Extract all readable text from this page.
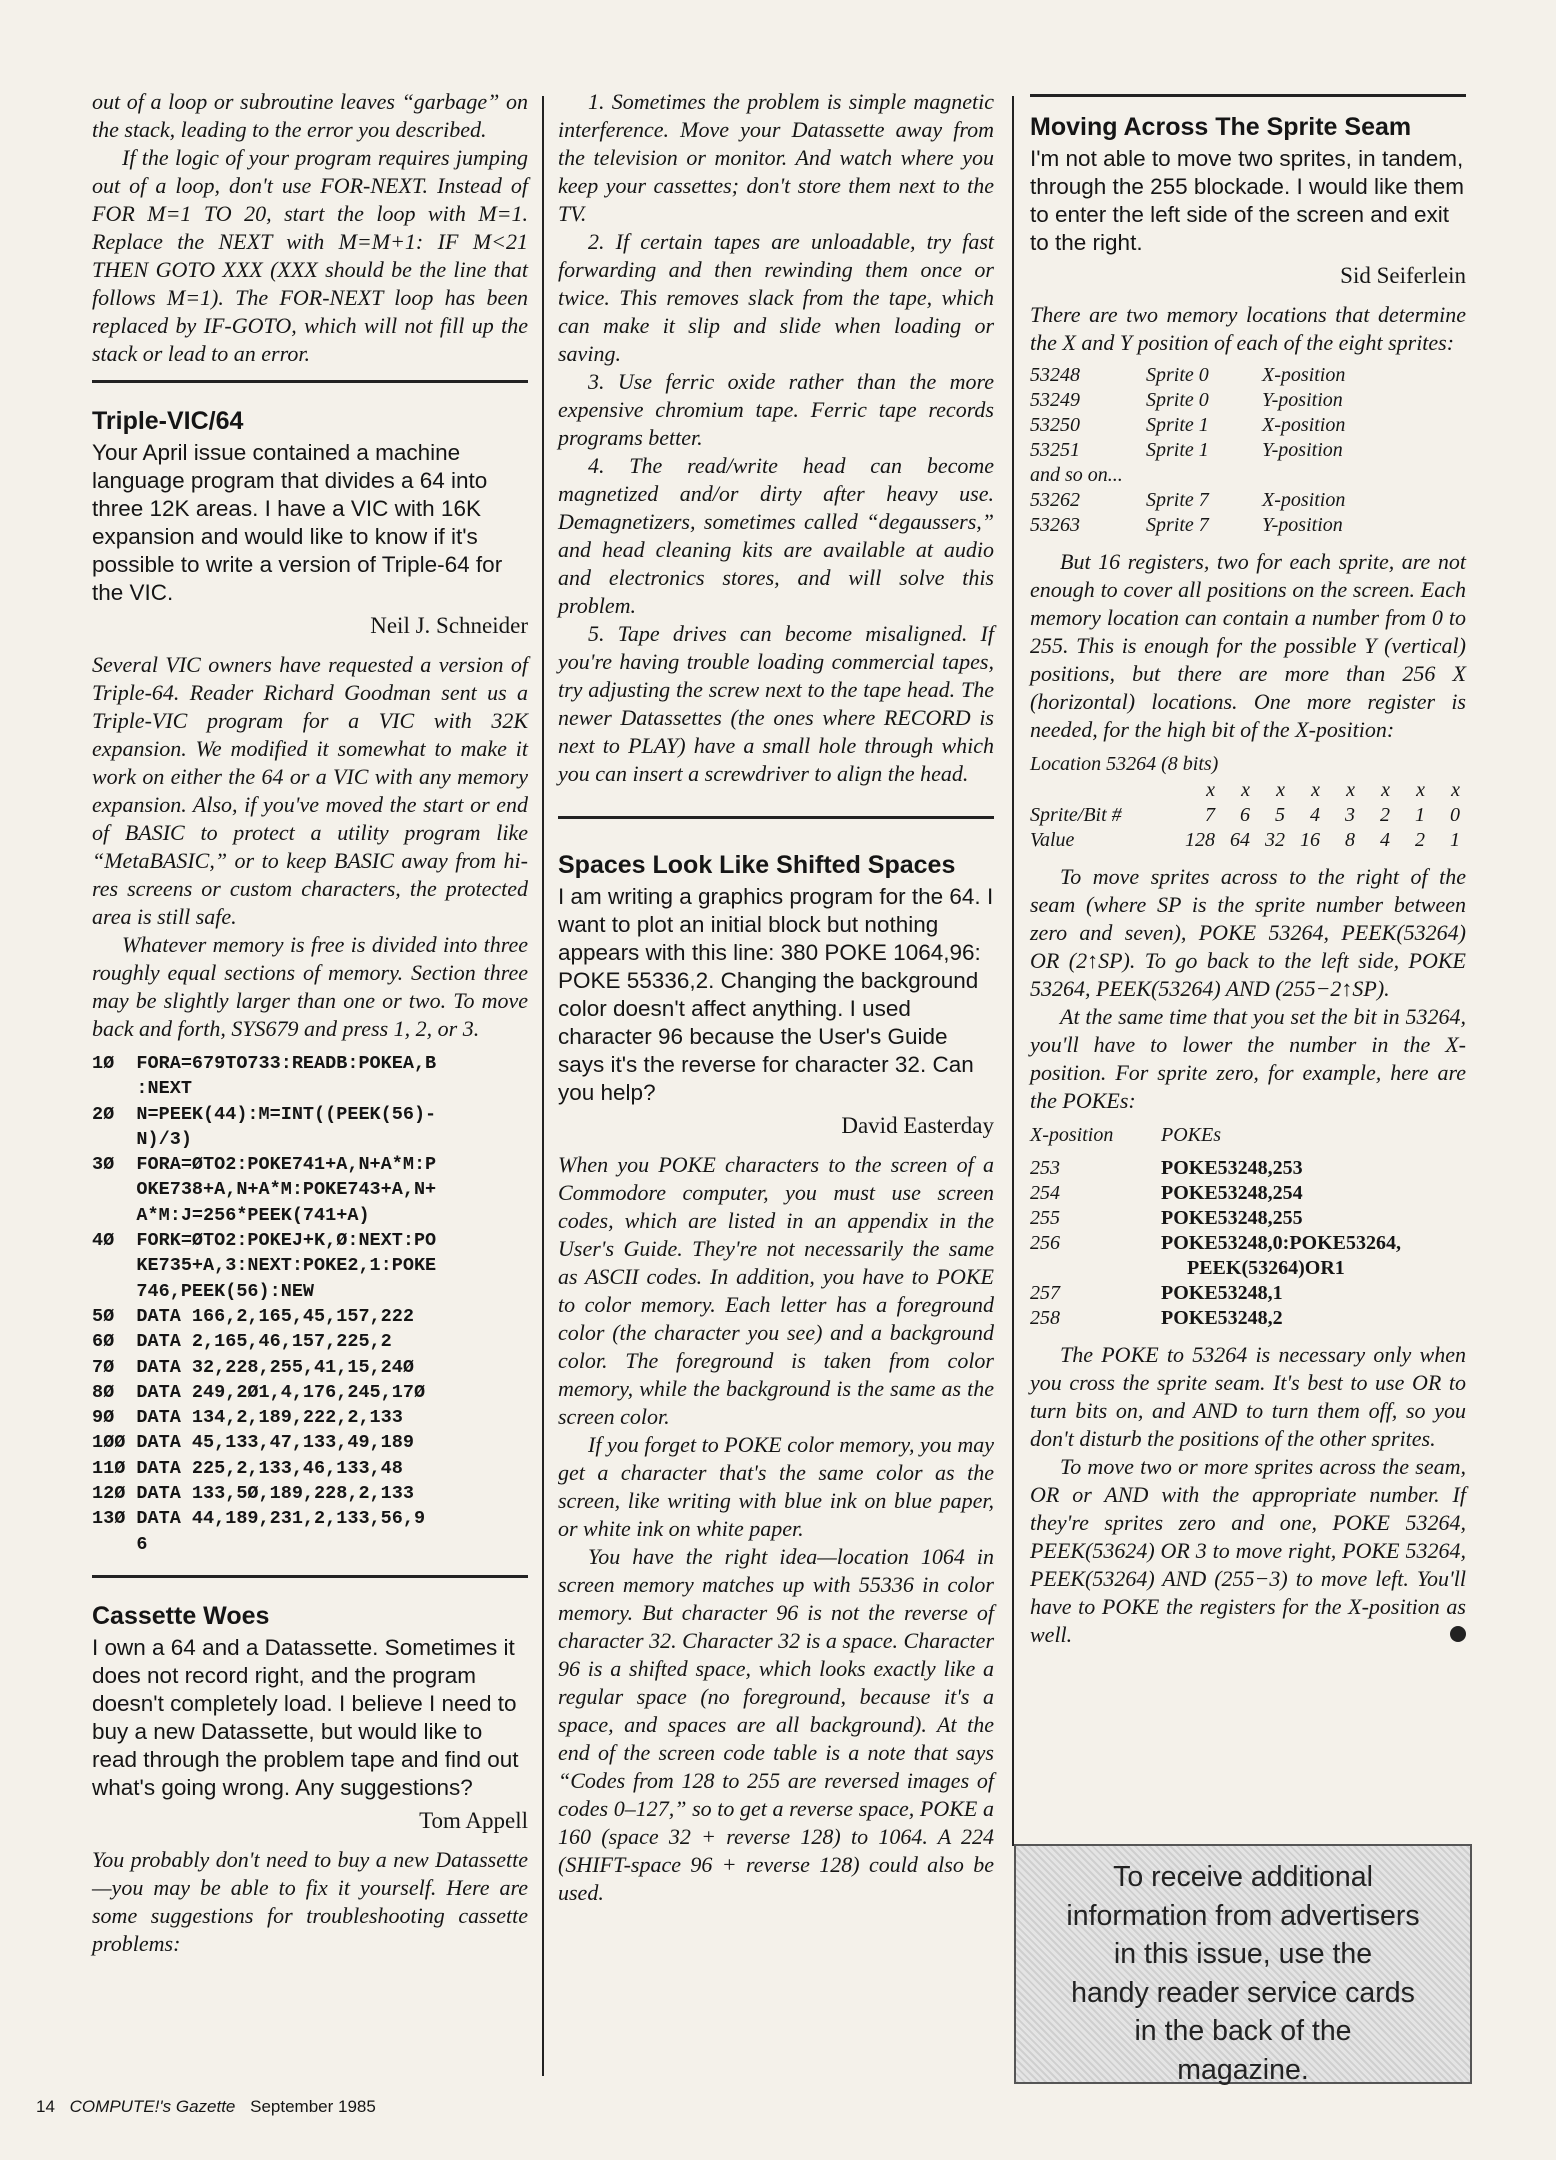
out of a loop or subroutine leaves “garbage” on the stack, leading to the error you described.

If the logic of your program requires jumping out of a loop, don't use FOR-NEXT. Instead of FOR M=1 TO 20, start the loop with M=1. Replace the NEXT with M=M+1: IF M<21 THEN GOTO XXX (XXX should be the line that follows M=1). The FOR-NEXT loop has been replaced by IF-GOTO, which will not fill up the stack or lead to an error.

Triple-VIC/64

Your April issue contained a machine language program that divides a 64 into three 12K areas. I have a VIC with 16K expansion and would like to know if it's possible to write a version of Triple-64 for the VIC.

Neil J. Schneider

Several VIC owners have requested a version of Triple-64. Reader Richard Goodman sent us a Triple-VIC program for a VIC with 32K expansion. We modified it somewhat to make it work on either the 64 or a VIC with any memory expansion. Also, if you've moved the start or end of BASIC to protect a utility program like “MetaBASIC,” or to keep BASIC away from hi-res screens or custom characters, the protected area is still safe.

Whatever memory is free is divided into three roughly equal sections of memory. Section three may be slightly larger than one or two. To move back and forth, SYS679 and press 1, 2, or 3.

1Ø  FORA=679TO733:READB:POKEA,B
:NEXT
2Ø  N=PEEK(44):M=INT((PEEK(56)-
N)/3)
3Ø  FORA=ØTO2:POKE741+A,N+A*M:P
OKE738+A,N+A*M:POKE743+A,N+
A*M:J=256*PEEK(741+A)
4Ø  FORK=ØTO2:POKEJ+K,Ø:NEXT:PO
KE735+A,3:NEXT:POKE2,1:POKE
746,PEEK(56):NEW
5Ø  DATA 166,2,165,45,157,222
6Ø  DATA 2,165,46,157,225,2
7Ø  DATA 32,228,255,41,15,24Ø
8Ø  DATA 249,2Ø1,4,176,245,17Ø
9Ø  DATA 134,2,189,222,2,133
1ØØ DATA 45,133,47,133,49,189
11Ø DATA 225,2,133,46,133,48
12Ø DATA 133,5Ø,189,228,2,133
13Ø DATA 44,189,231,2,133,56,9
6
Cassette Woes

I own a 64 and a Datassette. Sometimes it does not record right, and the program doesn't completely load. I believe I need to buy a new Datassette, but would like to read through the problem tape and find out what's going wrong. Any suggestions?

Tom Appell

You probably don't need to buy a new Datassette—you may be able to fix it yourself. Here are some suggestions for troubleshooting cassette problems:

1. Sometimes the problem is simple magnetic interference. Move your Datassette away from the television or monitor. And watch where you keep your cassettes; don't store them next to the TV.

2. If certain tapes are unloadable, try fast forwarding and then rewinding them once or twice. This removes slack from the tape, which can make it slip and slide when loading or saving.

3. Use ferric oxide rather than the more expensive chromium tape. Ferric tape records programs better.

4. The read/write head can become magnetized and/or dirty after heavy use. Demagnetizers, sometimes called “degaussers,” and head cleaning kits are available at audio and electronics stores, and will solve this problem.

5. Tape drives can become misaligned. If you're having trouble loading commercial tapes, try adjusting the screw next to the tape head. The newer Datassettes (the ones where RECORD is next to PLAY) have a small hole through which you can insert a screwdriver to align the head.

Spaces Look Like Shifted Spaces

I am writing a graphics program for the 64. I want to plot an initial block but nothing appears with this line: 380 POKE 1064,96: POKE 55336,2. Changing the background color doesn't affect anything. I used character 96 because the User's Guide says it's the reverse for character 32. Can you help?

David Easterday

When you POKE characters to the screen of a Commodore computer, you must use screen codes, which are listed in an appendix in the User's Guide. They're not necessarily the same as ASCII codes. In addition, you have to POKE to color memory. Each letter has a foreground color (the character you see) and a background color. The foreground is taken from color memory, while the background is the same as the screen color.

If you forget to POKE color memory, you may get a character that's the same color as the screen, like writing with blue ink on blue paper, or white ink on white paper.

You have the right idea—location 1064 in screen memory matches up with 55336 in color memory. But character 96 is not the reverse of character 32. Character 32 is a space. Character 96 is a shifted space, which looks exactly like a regular space (no foreground, because it's a space, and spaces are all background). At the end of the screen code table is a note that says “Codes from 128 to 255 are reversed images of codes 0–127,” so to get a reverse space, POKE a 160 (space 32 + reverse 128) to 1064. A 224 (SHIFT-space 96 + reverse 128) could also be used.

Moving Across The Sprite Seam

I'm not able to move two sprites, in tandem, through the 255 blockade. I would like them to enter the left side of the screen and exit to the right.

Sid Seiferlein

There are two memory locations that determine the X and Y position of each of the eight sprites:

53248	Sprite 0	X-position
53249	Sprite 0	Y-position
53250	Sprite 1	X-position
53251	Sprite 1	Y-position
and so on...		
53262	Sprite 7	X-position
53263	Sprite 7	Y-position

But 16 registers, two for each sprite, are not enough to cover all positions on the screen. Each memory location can contain a number from 0 to 255. This is enough for the possible Y (vertical) positions, but there are more than 256 X (horizontal) locations. One more register is needed, for the high bit of the X-position:

Location 53264 (8 bits)
	x	x	x	x	x	x	x	x
Sprite/Bit #	7	6	5	4	3	2	1	0
Value	128	64	32	16	8	4	2	1

To move sprites across to the right of the seam (where SP is the sprite number between zero and seven), POKE 53264, PEEK(53264) OR (2↑SP). To go back to the left side, POKE 53264, PEEK(53264) AND (255−2↑SP).

At the same time that you set the bit in 53264, you'll have to lower the number in the X-position. For sprite zero, for example, here are the POKEs:

X-position	POKEs
253	POKE53248,253
254	POKE53248,254
255	POKE53248,255
256	POKE53248,0:POKE53264, PEEK(53264)OR1
257	POKE53248,1
258	POKE53248,2

The POKE to 53264 is necessary only when you cross the sprite seam. It's best to use OR to turn bits on, and AND to turn them off, so you don't disturb the positions of the other sprites.

To move two or more sprites across the seam, OR or AND with the appropriate number. If they're sprites zero and one, POKE 53264, PEEK(53624) OR 3 to move right, POKE 53264, PEEK(53264) AND (255−3) to move left. You'll have to POKE the registers for the X-position as well.

To receive additional
information from advertisers
in this issue, use the
handy reader service cards
in the back of the
magazine.
14 COMPUTE!'s Gazette September 1985
